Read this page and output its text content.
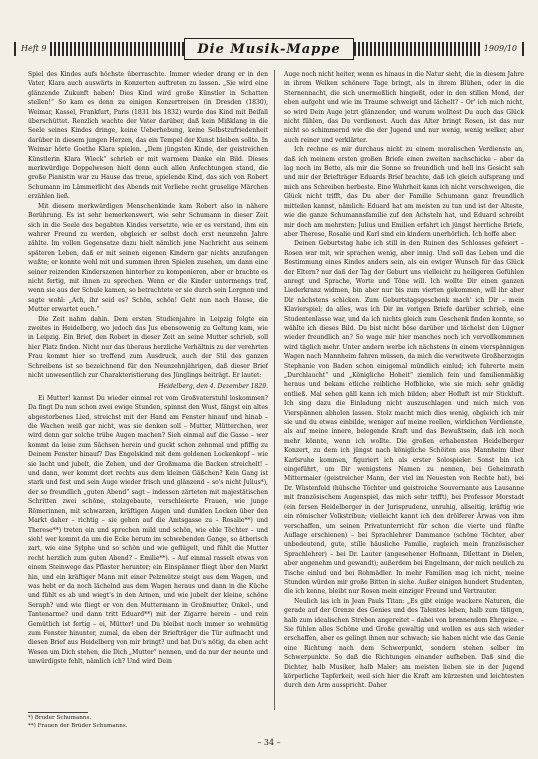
Heft 9	Die Musik-Mappe	1909/10

Spiel des Kindes aufs höchste überraschte. Immer wieder drang er in den Vater, Klara auch auswärts in Konzerten auftreten zu lassen. „Sie wird eine glänzende Zukunft haben! Dies Kind wird große Künstler in Schatten stellen!“ So kam es denn zu einigen Konzertreisen (in Dresden (1830), Weimar, Kassel, Frankfurt, Paris (1831 bis 1832) wurde das Kind mit Beifall überschüttet. Renzlich wachte der Vater darüber, daß kein Mißklang in die Seele seines Kindes dringe, keine Ueberhebung, keine Selbstzufriedenheit darüber in diesem jungen Herzen, das ein Tempel der Kunst bleiben sollte. In Weimar hörte Goethe Klara spielen. „Dem jüngsten Kinde, der geistreichen Künstlerin Klara Wieck“ schrieb er mit warmem Danke ein Bild. Dieses merkwürdige Doppelwesen hielt denn auch allen Anfechtungen stand, die große Pianistin war zu Hause das treue, spielende Kind, das sich von Robert Schumann im Lämmerlicht des Abends mit Vorliebe recht gruselige Märchen erzählen ließ.

Mit diesem merkwürdigen Menschenkinde kam Robert also in nähere Berührung. Es ist sehr bemerkenswert, wie sehr Schumann in dieser Zeit sich in die Seele des begabten Kindes versetzte, wie er es verstand, ihm ein wahrer Freund zu werden, obgleich er selbst doch erst neunzehn Jahre zählte. Im vollen Gegensatze dazu hielt nämlich jene Nachricht aus seinem späteren Leben, daß er mit seinen eigenen Kindern gar nichts anzufangen wußte; er konnte wohl mit und summen ihren Spielen zusehen, um dann eine seiner reizenden Kinderszenen hinterher zu komponieren, aber er brachte es nicht fertig, mit ihnen zu sprechen. Wenn er die Kinder untermengs traf, wenn sie aus der Schule kamen, so betrachtete er sie durch sein Lorgnon und sagte wohl: „Ach, ihr seid es? Schön, schön! Geht nun nach Hause, die Mutter erwartet euch.“

Die Zeit nahm dahin. Dem ersten Studienjahre in Leipzig folgte ein zweites in Heidelberg, wo jedoch das Jus ebensowenig zu Geltung kam, wie in Leipzig. Ein Brief, den Robert in dieser Zeit an seine Mutter schrieb, soll hier Platz finden. Nicht nur das überaus herzliche Verhältnis zu der verehrten Frau kommt hier so treffend zum Ausdruck, auch der Stil des ganzen Schreibens ist so bezeichnend für den Neunzehnjährigen, daß dieser Brief nicht unwesentlich zur Charakteristierung des Jünglings beiträgt. Er lautet:

Heidelberg, den 4. Dezember 1829.

Ei Mutter! kannst Du wieder einmal rot vom Großvaterstuhl loskommen? Da fingt Du nun schon zwei ewige Stunden, spinnst den Wust, fängst ein altes abgestorbenes Lied, streichst mit der Hand am Fenster hinauf und hinab – die Wachen weiß gar nicht, was sie denken soll – Mutter, Mütterchen, wer wird denn gar solche trübe Augen machen? Sieh einmal auf die Gasse – wer kommt da leise zum Sächsen herein und guckt schon zehnmal und pfiffig zu Deinem Fenster hinauf? Das Engelskind mit dem goldenen Lockenkopf – wie sie lacht und jubelt, die Zehen, und der Großmama die Backen streichelt! – und dann, wer kommt dort rechts aus dem kleinen Gäßchen? Kein Gang ist stark und fest und sein Auge wieder frisch und glänzend – so's nicht Julius*), der so freundlich „guten Abend“ sagt – indessen zärteten mit majestätischen Schritten zwei schöne, stolzgebaute, verschleierte Frauen, wie junge Römerinnen, mit schwarzen, kräftigen Augen und dunklen Locken über den Markt daher – richtig – sie gehen auf die Amtsgasse zu – Rosalie**) und Therese**) treten ein und sprechen mild und schön, wie eble Töchter – und sieh! wer kommt da um die Ecke herum im schwebenden Gange, so ätherisch zart, wie eine Sylphe und so schön und wie geflügelt, und fühlt die Mutter recht herzlich zum guten Abend? – Emilie**). – Auf einmal rasselt etwas von einem Steinwege das Pflaster herunter; ein Einspänner fliegt über den Markt hin, und ein kräftiger Mann mit einer Pelzmütze steigt aus dem Wagen, und was hebt er da noch lächelnd aus dem Wagen heraus und dann in die Küche und fühlt es ab und wiegt's in den Armen, und wie jubelt der kleine, schöne Seraph? und wie fliegt er von den Muttermann in Großmutter, Onkel-, und Tantenarme? und dann tritt Eduard**) mit der Zigarre herein – und rein Gemütlich ist fertig – ei, Mütter! und Du bleibst noch immer so wehmütig zum Fenster hinunter, zumal, da eben der Briefträger die Tür aufmacht und diesen Brief aus Heidelberg von mir bringt? und hat Du's nötig, da eben acht Wesen um Dich stehen, die Dich „Mutter“ nennen, und da nur der neunte und unwürdigste fehlt, nämlich ich? Und wird Dein

Auge noch nicht heiter, wenn es hinaus in die Natur sieht, die in diesem Jahre in ihrem Welken schönere Tage bringt, als in ihrem Blühen, oder in die Sternennacht, die sich unermeßlich hingießt, oder in den stillen Mond, der eben aufgeht und wie im Traume schweigt und lächelt? – Or' ich mich nicht, so wird Dein Auge jetzt glänzender, und warum wolltest Du auch das Glück nicht fühlen, das Du verdienest. Auch das Alter bringt Rosen, ist das nur nicht so schimmernd wie die der Jugend und nur wenig, wenig welker, aber auch reiner und verklärter.

Ich rechne es mir durchaus nicht zu einem moralischen Verdienste an, daß ich meinem ersten großen Briefe einen zweiten nachschicke – aber da lag noch im Bette, als mir die Sonne so freundlich und hell ins Gesicht sah und mir der Briefträger Eduards Brief brachte, daß ich gleich aufsprang und mich ans Schreiben herbeste. Eine Wahrheit kann ich nicht verschweigen, die Glück nicht trifft, das Du aber der Familie Schumann ganz freundlich mitteilen kannst, nämlich: Eduard hat am meisten zu tun und ist der Alteste, wie die ganze Schumannsfamilie zuf den Achsteln hat, und Eduard schreibt mir doch am mehrsten; Julius und Emilien erfahrt ich jüngst herrliche Briefe, aber Therese, Rosalie und Karl sind ein kindern unerhörlich. Ich hoffe aber.

Deinen Geburtstag habe ich still in den Ruinen des Schlosses gefeiert – Rosen war mit, wir sprachen wenig, aber innig. Und soll das Leben und die Bestimmung eines Kindes anders sein, als ein ewiger Wunsch für das Glück der Eltern? nur daß der Tag der Geburt uns vielleicht zu heiligeren Gefühlen anregt und Sprache, Worte und Töne will. Ich wollte Dir einen ganzen Liederkranz widmen, bin aber nur bis zum vierten gekommen, will ihr aber Dir nächstens schicken. Zum Geburtstagsgeschenk mach' ich Dir – mein Klavierspiel; da alles, was ich Dir im vorigen Briefe darüber schrieb, eine Studentenlasse war, und da ich nichts gleich zum Geschenk finden konnte, so wählte ich dieses Bild. Du bist nicht böse darüber und lächelst den Lügner wieder freundlich an? So wage mir hier manches noch ich vervollkommnen wird täglich mehr. Unter andern werbe ich nächstens in einem vierspännigen Wagen nach Mannheim fahren müssen, da mich die verwitwete Großherzogin Stephanie von Baden schon einigemal mündlich einlud; ich fuhrerte mein „Durchlaucht“ und „Königliche Hoheit“ ziemlich fein und familienmäßig heraus und bekam etliche reibliche Hofblicke, wie sie mich sehr gnädig entließ. Mal sehen gäll kann ich mich bilden; aber Hofluft ist mir Stickluft. Ich sing dazu die Einladung nicht auszuschlagen und mich mich von Vierspännen abholen lassen. Stolz macht mich dies wenig, obgleich ich mir sie und du etwas einbilde, weniger auf meine reellen, wirklichen Verdienste, als auf meine innere, belegende Kraft und das Bewußtsein, daß ich noch mehr könnte, wenn ich wollte. Die großen erhabensten Heidelberger Konzert, zu dem ich jüngst nach königliche Schöiten aus Mannheim über Karlsruhe kommen, figuriert ich als erster Solospieler. Sonst bin ich eingeführt, um Dir wenigstens Namen zu nennen, bei Geheimrath Mittermaier (geistreicher Mann, der viel im Neuesten von Rechte hat), bei Dr. Wüstenfeld (hübsche Töchter und geistreiche Souvernante aus Lausanne mit französischem Augenspiel, das mich sehr trifft), bei Professor Morstadt (ein fersen Heidelberger in der Jurisprudenz, unruhig, allseitig, kräftig wie ein römischer Volkstribun; vielleicht kannt ich den drölferer Ärwas von ihm verschaffen, um seinen Privatunterricht für schon die vierte und fünfte Auflage erschienen) – bei Sprachlehrer Dammance (schöne Töchter, aber unbedeutend, gute, stille häusliche Familie, zugleich mein französischer Sprachlehrer) – bei Dr. Lauter (angesehener Hofmann, Dilettant in Dielen, aber angenehm und gewandt); außerdem bei Engelmann, der mich neulich zu Tische einlud und bei Rohmädler. In mehr Familien mag ich nicht, meine Stunden würden mir große Bitten in siche. Außer einigen hundert Studenten, die ich kenne, bleibt nur Rosen mein einziger Freund und Vertrauter.

Neulich las ich in Jean Pauls Titan: „Es gibt einige wackere Naturen, die gerade auf der Grenze des Genies und des Talentes leben, halb zum tätigen, halb zum idealischen Streben angereitet – dabei von brennendem Ehrgeize. – Sie fühlen alles Schöne und Große gewaltig und wollen es aus sich wieder erschaffen, aber es gelingt ihnen nur schwach; sie haben nicht wie das Genie eine Richtung nach dem Schwerpunkt, sondern stehen selber im Schwerpunkte. So daß die Richtungen einander aufheben. Daß sind die Dichter, halb Musiker, halb Maler; am meisten lieben sie in der Jugend körperliche Tapferkeit, weil sich hier die Kraft am kürzesten und leichtesten durch den Arm ausspricht. Daher

*) Bruder Schumanns.
**) Frauen der Brüder Schumanns.
– 34 –
